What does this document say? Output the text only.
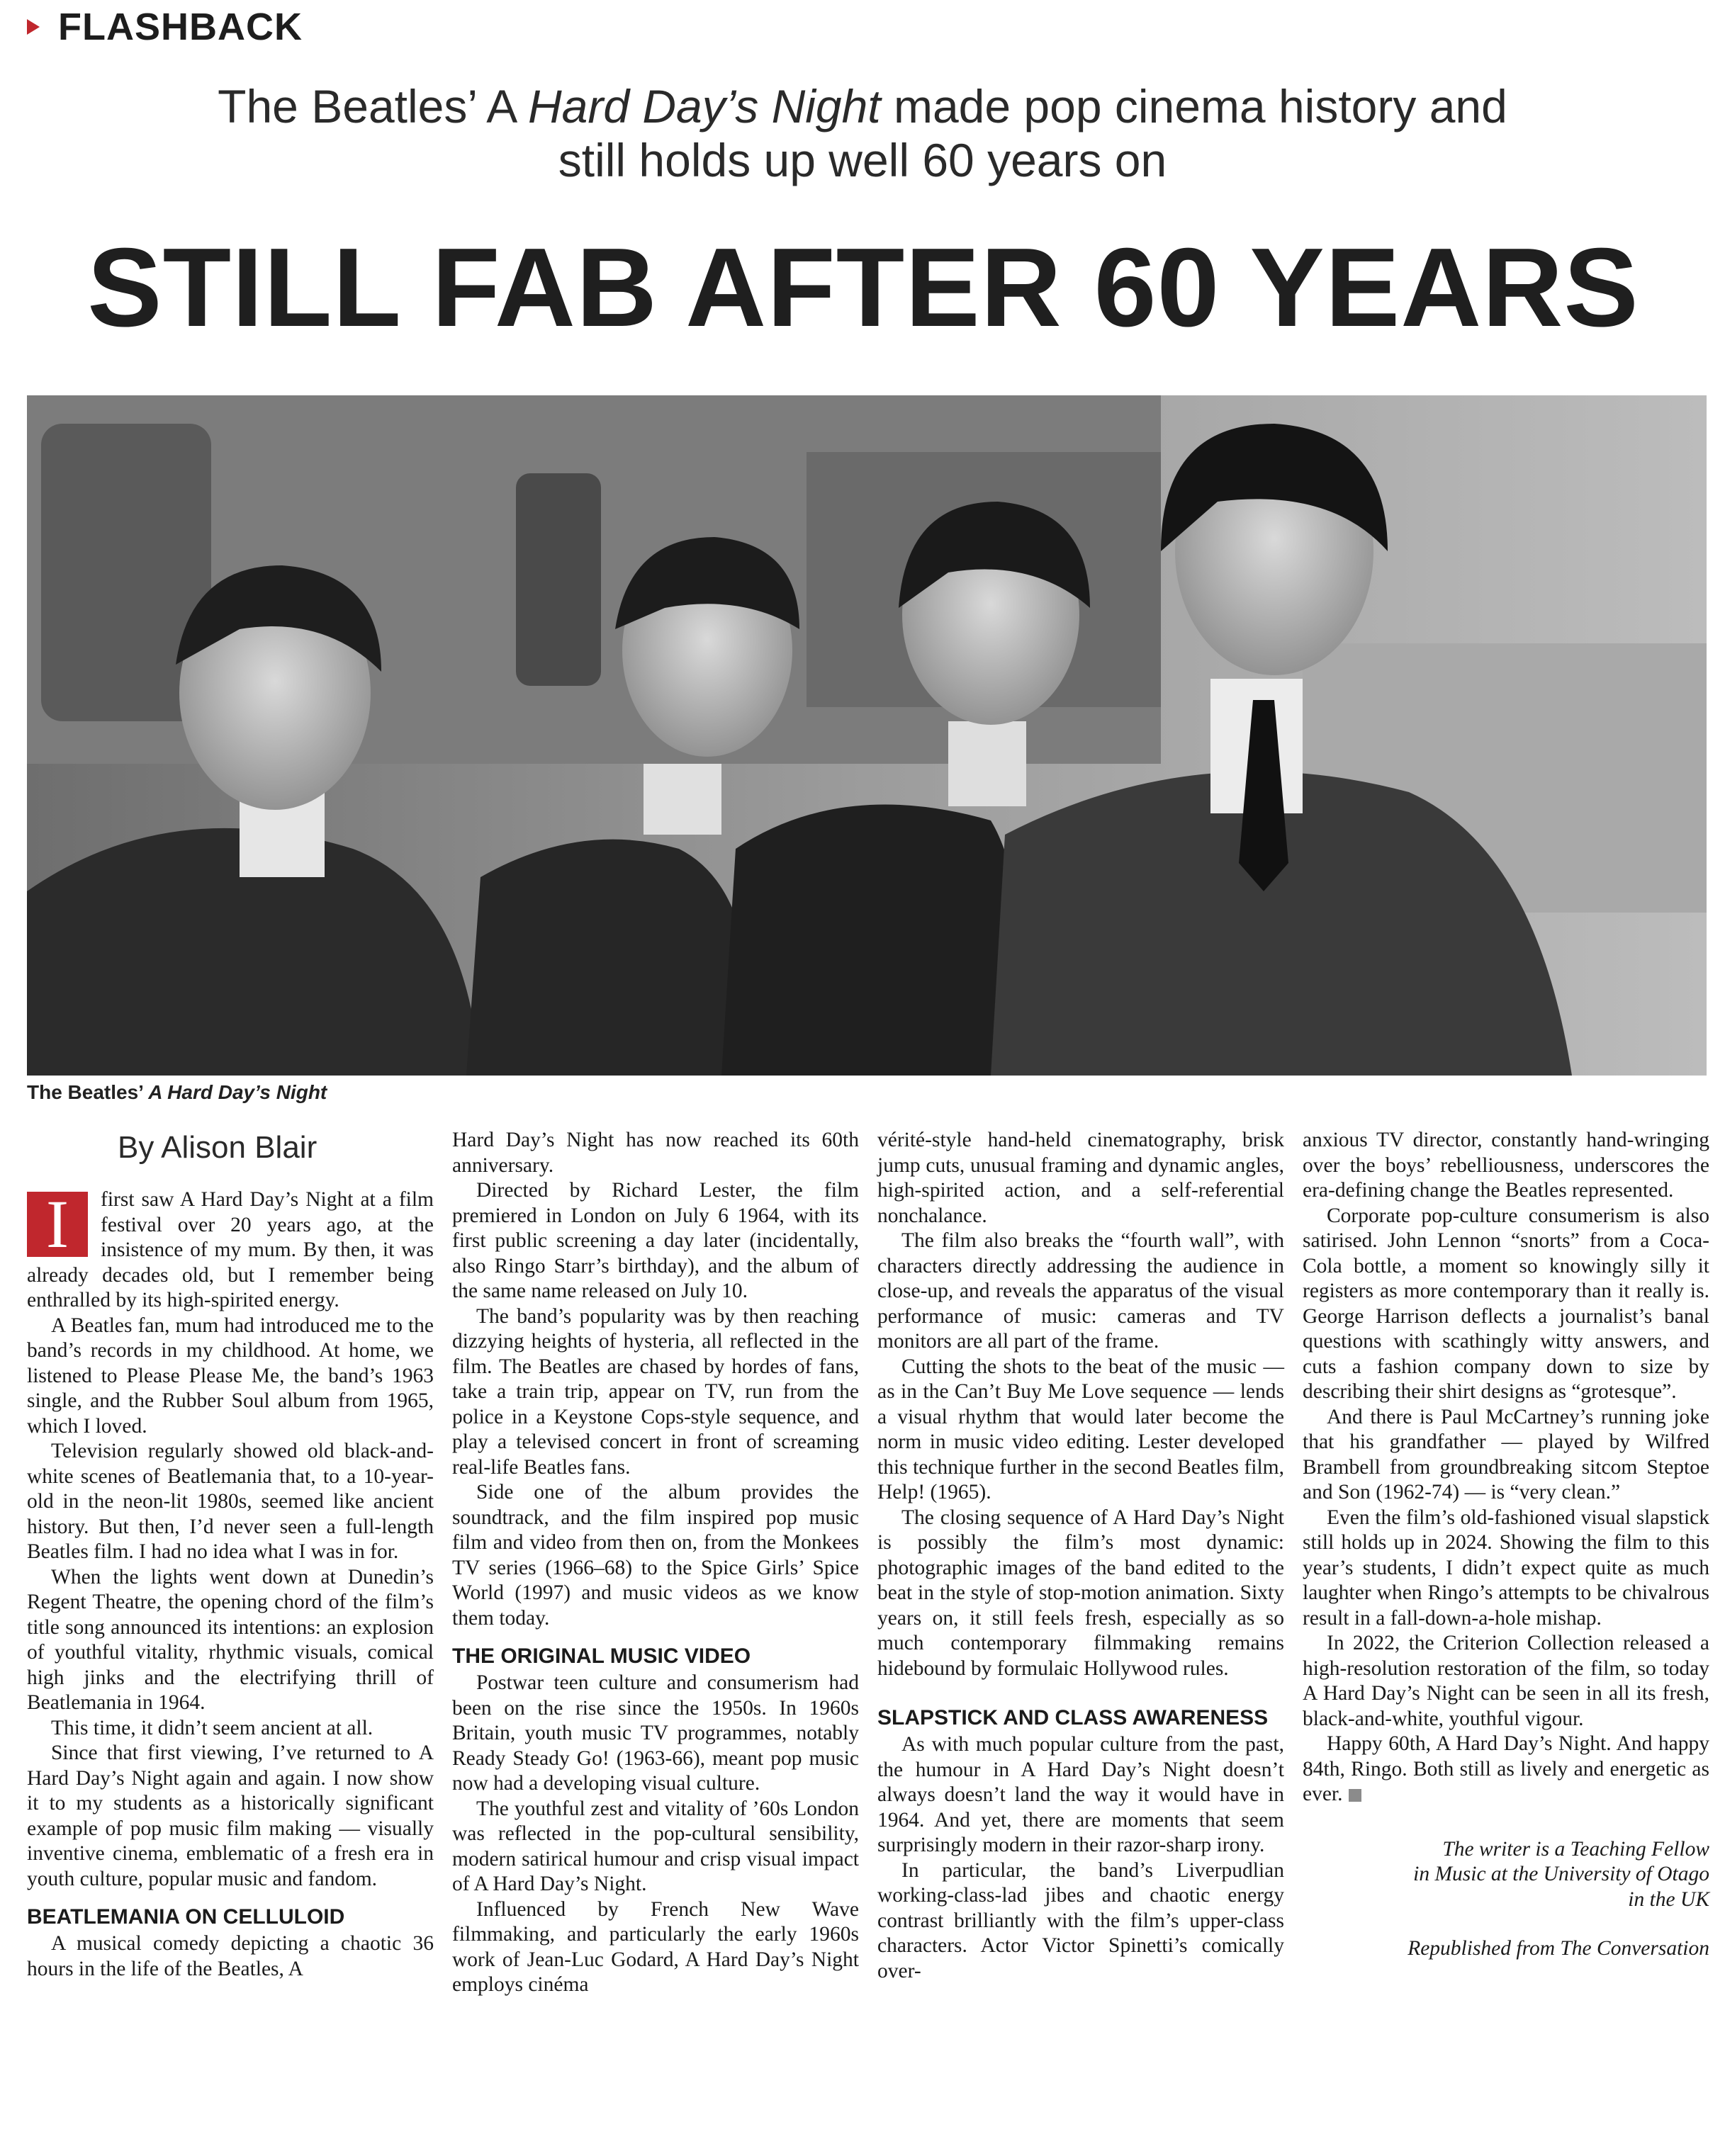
FLASHBACK
The Beatles’ A Hard Day’s Night made pop cinema history and
still holds up well 60 years on
STILL FAB AFTER 60 YEARS
The Beatles’ A Hard Day’s Night
By Alison Blair

I	first saw A Hard Day’s Night at a film festival over 20 years ago, at the insistence of my mum. By then, it was already decades old, but I remember being enthralled by its high-spirited energy.

A Beatles fan, mum had introduced me to the band’s records in my childhood. At home, we listened to Please Please Me, the band’s 1963 single, and the Rubber Soul album from 1965, which I loved.

Television regularly showed old black-and-white scenes of Beatlemania that, to a 10-year-old in the neon-lit 1980s, seemed like ancient history. But then, I’d never seen a full-length Beatles film. I had no idea what I was in for.

When the lights went down at Dunedin’s Regent Theatre, the opening chord of the film’s title song announced its intentions: an explosion of youthful vitality, rhythmic visuals, comical high jinks and the electrifying thrill of Beatlemania in 1964.

This time, it didn’t seem ancient at all.

Since that first viewing, I’ve returned to A Hard Day’s Night again and again. I now show it to my students as a historically significant example of pop music film making — visually inventive cinema, emblematic of a fresh era in youth culture, popular music and fandom.

BEATLEMANIA ON CELLULOID

A musical comedy depicting a chaotic 36 hours in the life of the Beatles, A

Hard Day’s Night has now reached its 60th anniversary.

Directed by Richard Lester, the film premiered in London on July 6 1964, with its first public screening a day later (incidentally, also Ringo Starr’s birthday), and the album of the same name released on July 10.

The band’s popularity was by then reaching dizzying heights of hysteria, all reflected in the film. The Beatles are chased by hordes of fans, take a train trip, appear on TV, run from the police in a Keystone Cops-style sequence, and play a televised concert in front of screaming real-life Beatles fans.

Side one of the album provides the soundtrack, and the film inspired pop music film and video from then on, from the Monkees TV series (1966–68) to the Spice Girls’ Spice World (1997) and music videos as we know them today.

THE ORIGINAL MUSIC VIDEO

Postwar teen culture and consumerism had been on the rise since the 1950s. In 1960s Britain, youth music TV programmes, notably Ready Steady Go! (1963-66), meant pop music now had a developing visual culture.

The youthful zest and vitality of ’60s London was reflected in the pop-cultural sensibility, modern satirical humour and crisp visual impact of A Hard Day’s Night.

Influenced by French New Wave filmmaking, and particularly the early 1960s work of Jean-Luc Godard, A Hard Day’s Night employs cinéma

vérité-style hand-held cinematography, brisk jump cuts, unusual framing and dynamic angles, high-spirited action, and a self-referential nonchalance.

The film also breaks the “fourth wall”, with characters directly addressing the audience in close-up, and reveals the apparatus of the visual performance of music: cameras and TV monitors are all part of the frame.

Cutting the shots to the beat of the music — as in the Can’t Buy Me Love sequence — lends a visual rhythm that would later become the norm in music video editing. Lester developed this technique further in the second Beatles film, Help! (1965).

The closing sequence of A Hard Day’s Night is possibly the film’s most dynamic: photographic images of the band edited to the beat in the style of stop-motion animation. Sixty years on, it still feels fresh, especially as so much contemporary filmmaking remains hidebound by formulaic Hollywood rules.

SLAPSTICK AND CLASS AWARENESS

As with much popular culture from the past, the humour in A Hard Day’s Night doesn’t always doesn’t land the way it would have in 1964. And yet, there are moments that seem surprisingly modern in their razor-sharp irony.

In particular, the band’s Liverpudlian working-class-lad jibes and chaotic energy contrast brilliantly with the film’s upper-class characters. Actor Victor Spinetti’s comically over-

anxious TV director, constantly hand-wringing over the boys’ rebelliousness, underscores the era-defining change the Beatles represented.

Corporate pop-culture consumerism is also satirised. John Lennon “snorts” from a Coca-Cola bottle, a moment so knowingly silly it registers as more contemporary than it really is. George Harrison deflects a journalist’s banal questions with scathingly witty answers, and cuts a fashion company down to size by describing their shirt designs as “grotesque”.

And there is Paul McCartney’s running joke that his grandfather — played by Wilfred Brambell from groundbreaking sitcom Steptoe and Son (1962-74) — is “very clean.”

Even the film’s old-fashioned visual slapstick still holds up in 2024. Showing the film to this year’s students, I didn’t expect quite as much laughter when Ringo’s attempts to be chivalrous result in a fall-down-a-hole mishap.

In 2022, the Criterion Collection released a high-resolution restoration of the film, so today A Hard Day’s Night can be seen in all its fresh, black-and-white, youthful vigour.

Happy 60th, A Hard Day’s Night. And happy 84th, Ringo. Both still as lively and energetic as ever.

The writer is a Teaching Fellow
in Music at the University of Otago
in the UK
Republished from The Conversation
